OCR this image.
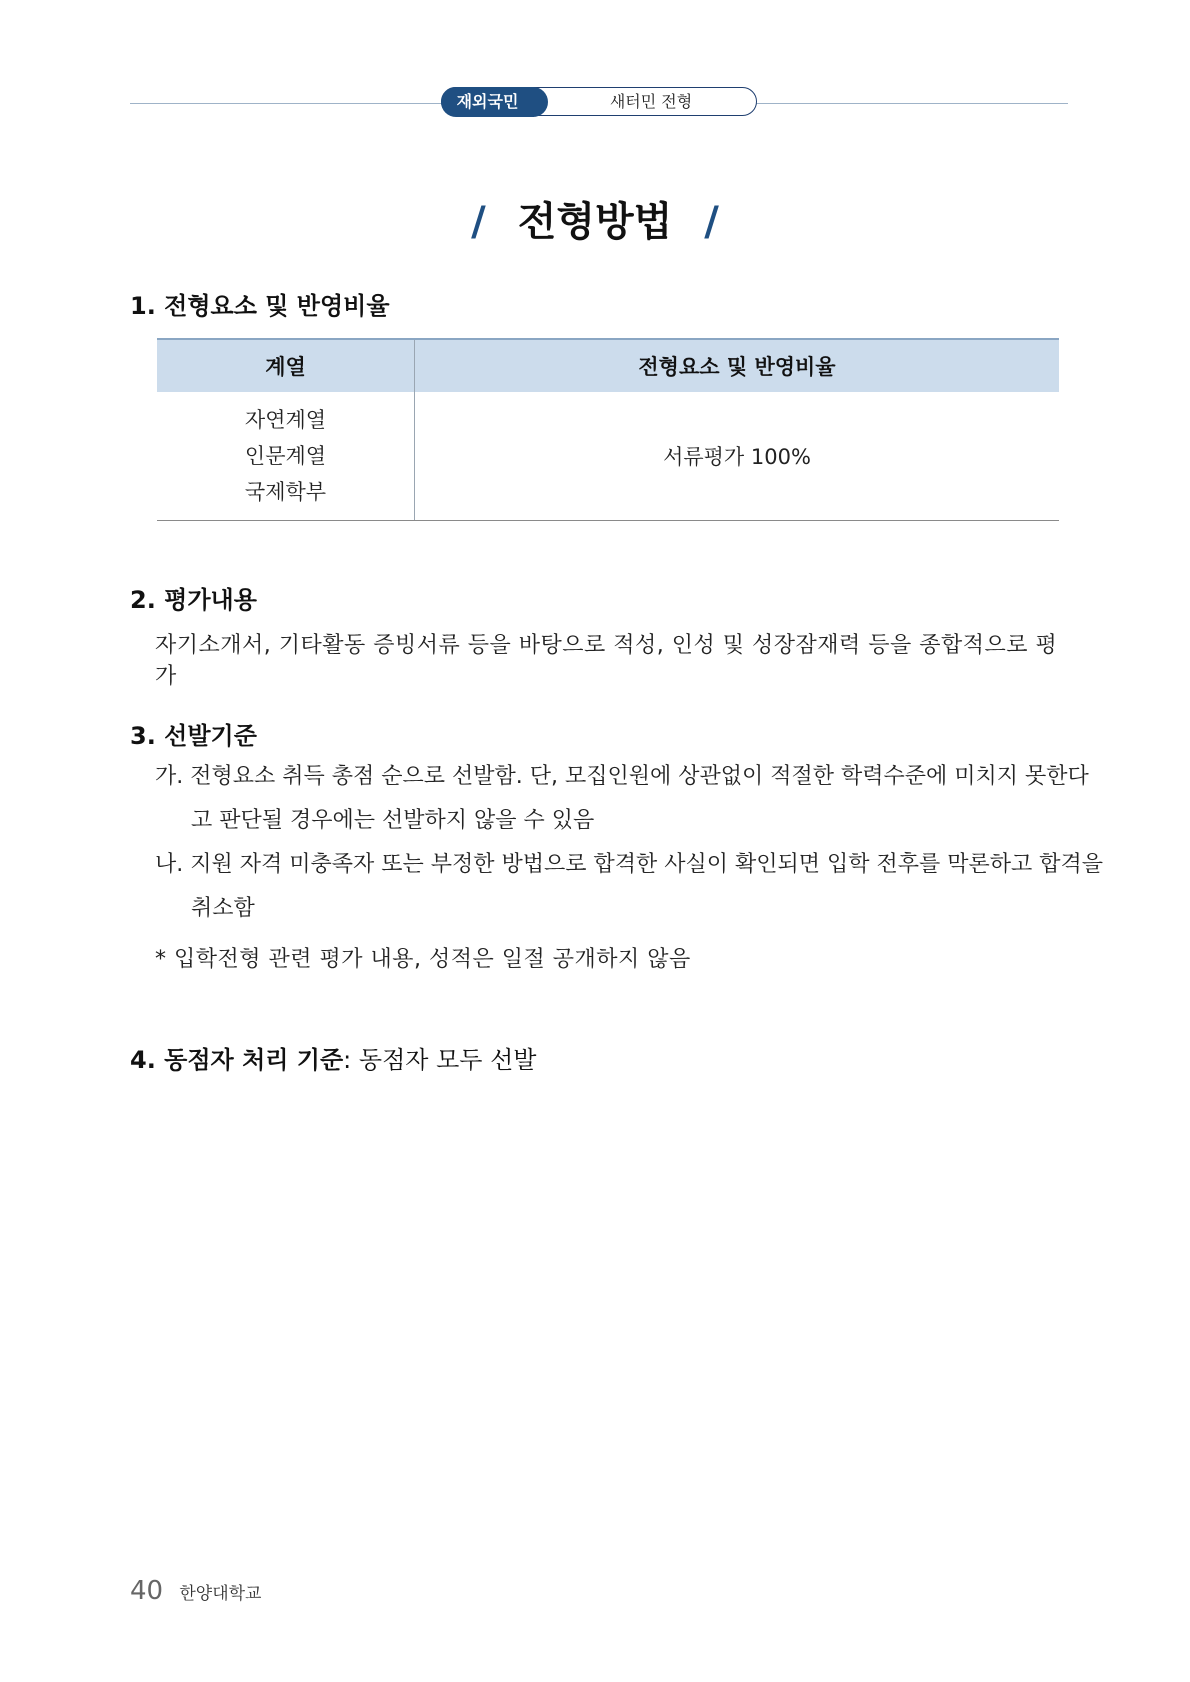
재외국민	새터민 전형
/ 전형방법 /
1. 전형요소 및 반영비율
계열	전형요소 및 반영비율

자연계열
인문계열
국제학부	서류평가 100%
2. 평가내용
자기소개서, 기타활동 증빙서류 등을 바탕으로 적성, 인성 및 성장잠재력 등을 종합적으로 평가
3. 선발기준
가. 전형요소 취득 총점 순으로 선발함. 단, 모집인원에 상관없이 적절한 학력수준에 미치지 못한다고 판단될 경우에는 선발하지 않을 수 있음
나. 지원 자격 미충족자 또는 부정한 방법으로 합격한 사실이 확인되면 입학 전후를 막론하고 합격을 취소함
* 입학전형 관련 평가 내용, 성적은 일절 공개하지 않음
4. 동점자 처리 기준: 동점자 모두 선발
40 한양대학교
